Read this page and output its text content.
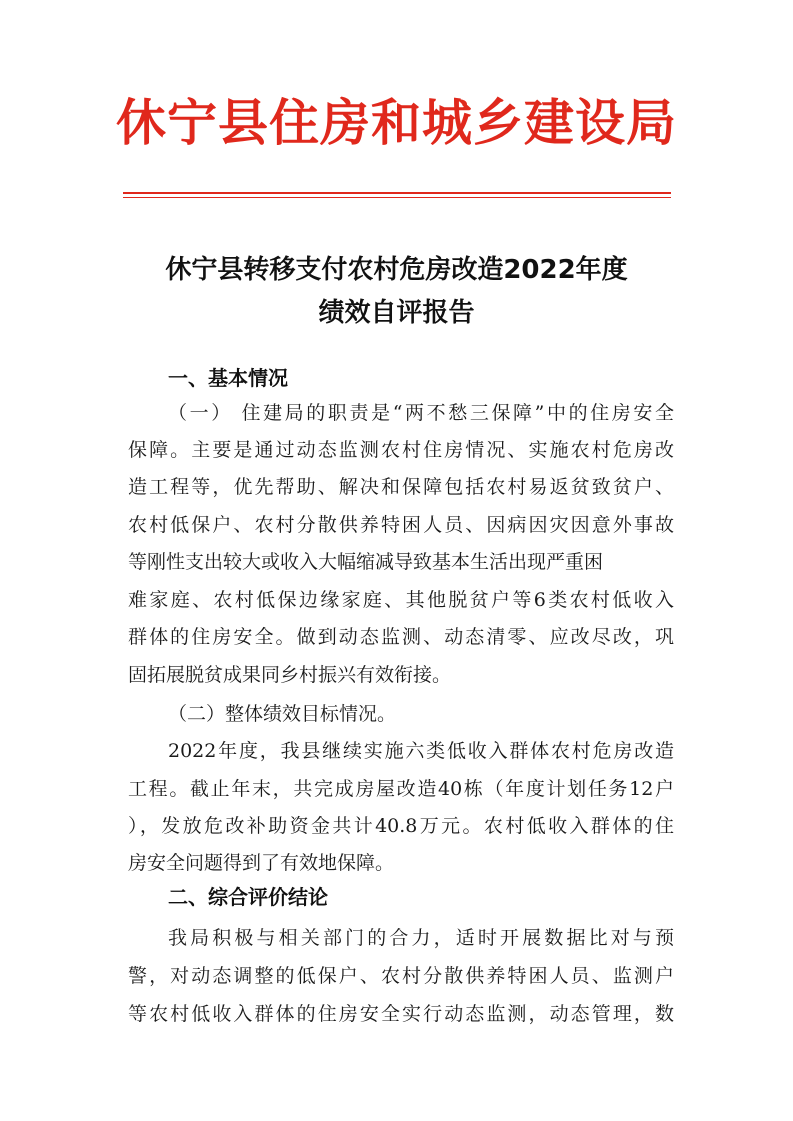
休宁县住房和城乡建设局
休宁县转移支付农村危房改造2022年度
绩效自评报告
一、基本情况
（一） 住建局的职责是“两不愁三保障”中的住房安全
保障。主要是通过动态监测农村住房情况、实施农村危房改
造工程等，优先帮助、解决和保障包括农村易返贫致贫户、
农村低保户、农村分散供养特困人员、因病因灾因意外事故
等刚性支出较大或收入大幅缩减导致基本生活出现严重困
难家庭、农村低保边缘家庭、其他脱贫户等6类农村低收入
群体的住房安全。做到动态监测、动态清零、应改尽改，巩
固拓展脱贫成果同乡村振兴有效衔接。
（二）整体绩效目标情况。
2022年度，我县继续实施六类低收入群体农村危房改造
工程。截止年末，共完成房屋改造40栋（年度计划任务12户
），发放危改补助资金共计40.8万元。农村低收入群体的住
房安全问题得到了有效地保障。
二、综合评价结论
我局积极与相关部门的合力，适时开展数据比对与预
警，对动态调整的低保户、农村分散供养特困人员、监测户
等农村低收入群体的住房安全实行动态监测，动态管理，数
